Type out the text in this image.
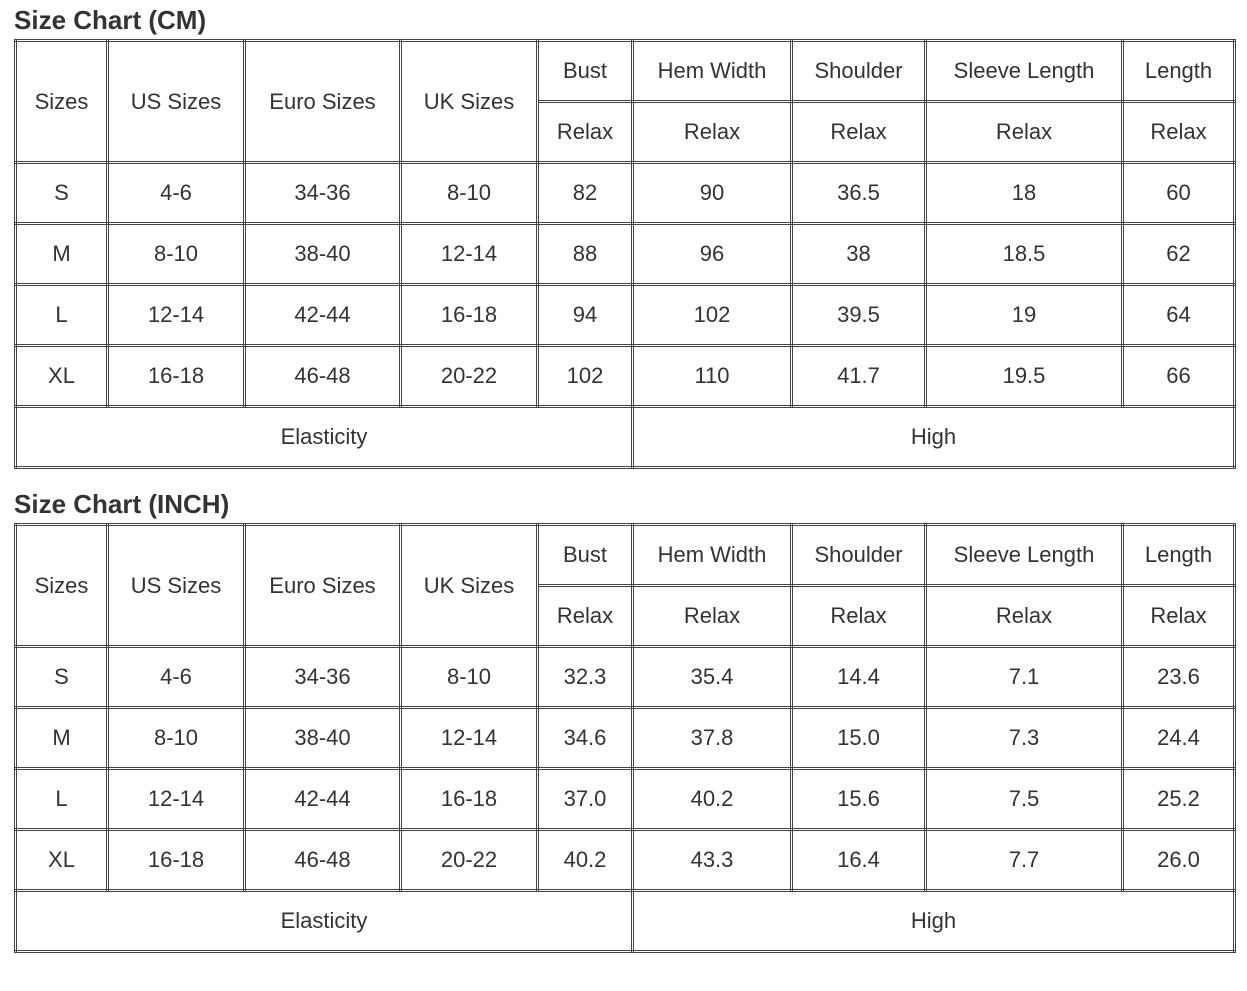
Size Chart (CM)
Sizes	US Sizes	Euro Sizes	UK Sizes	Bust	Hem Width	Shoulder	Sleeve Length	Length
				Relax	Relax	Relax	Relax	Relax
S	4-6	34-36	8-10	82	90	36.5	18	60
M	8-10	38-40	12-14	88	96	38	18.5	62
L	12-14	42-44	16-18	94	102	39.5	19	64
XL	16-18	46-48	20-22	102	110	41.7	19.5	66
Elasticity					High			
Size Chart (INCH)
Sizes	US Sizes	Euro Sizes	UK Sizes	Bust	Hem Width	Shoulder	Sleeve Length	Length
				Relax	Relax	Relax	Relax	Relax
S	4-6	34-36	8-10	32.3	35.4	14.4	7.1	23.6
M	8-10	38-40	12-14	34.6	37.8	15.0	7.3	24.4
L	12-14	42-44	16-18	37.0	40.2	15.6	7.5	25.2
XL	16-18	46-48	20-22	40.2	43.3	16.4	7.7	26.0
Elasticity					High			
